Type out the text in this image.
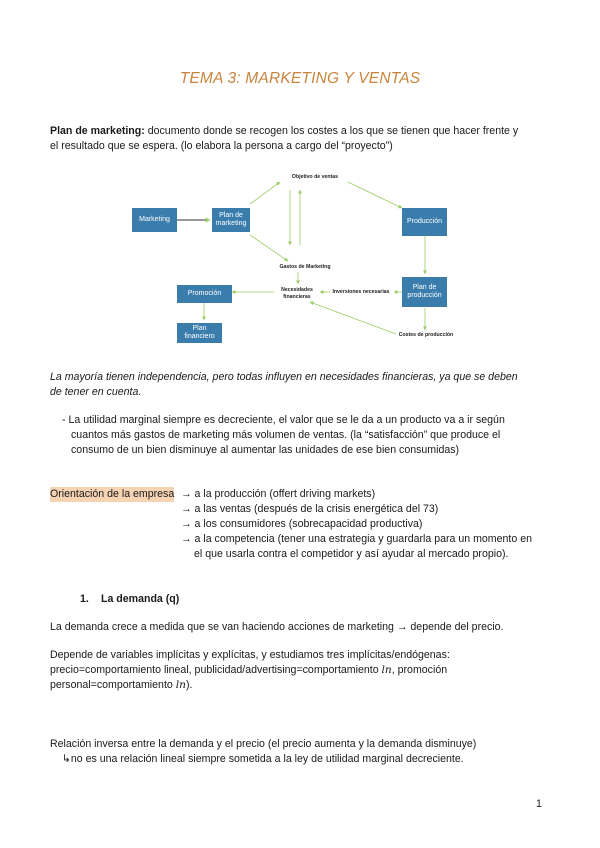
TEMA 3: MARKETING Y VENTAS
Plan de marketing: documento donde se recogen los costes a los que se tienen que hacer frente y
el resultado que se espera. (lo elabora la persona a cargo del “proyecto”)
Marketing
Plan de marketing	Producción
Plan de producción
Promoción
Plan financiero
Objetivo de ventas
Gastos de Marketing
Necesidades financieras
Inversiones necesarias
Costes de producción
La mayoría tienen independencia, pero todas influyen en necesidades financieras, ya que se deben
de tener en cuenta.
- La utilidad marginal siempre es decreciente, el valor que se le da a un producto va a ir según
cuantos más gastos de marketing más volumen de ventas. (la “satisfacción” que produce el
consumo de un bien disminuye al aumentar las unidades de ese bien consumidas)
Orientación de la empresa → a la producción (offert driving markets)
→ a las ventas (después de la crisis energética del 73)
→ a los consumidores (sobrecapacidad productiva)
→ a la competencia (tener una estrategia y guardarla para un momento en
el que usarla contra el competidor y así ayudar al mercado propio).
1. La demanda (q)
La demanda crece a medida que se van haciendo acciones de marketing → depende del precio.
Depende de variables implícitas y explícitas, y estudiamos tres implícitas/endógenas:
precio=comportamiento lineal, publicidad/advertising=comportamiento ln, promoción
personal=comportamiento ln).
Relación inversa entre la demanda y el precio (el precio aumenta y la demanda disminuye)
↳no es una relación lineal siempre sometida a la ley de utilidad marginal decreciente.
1
